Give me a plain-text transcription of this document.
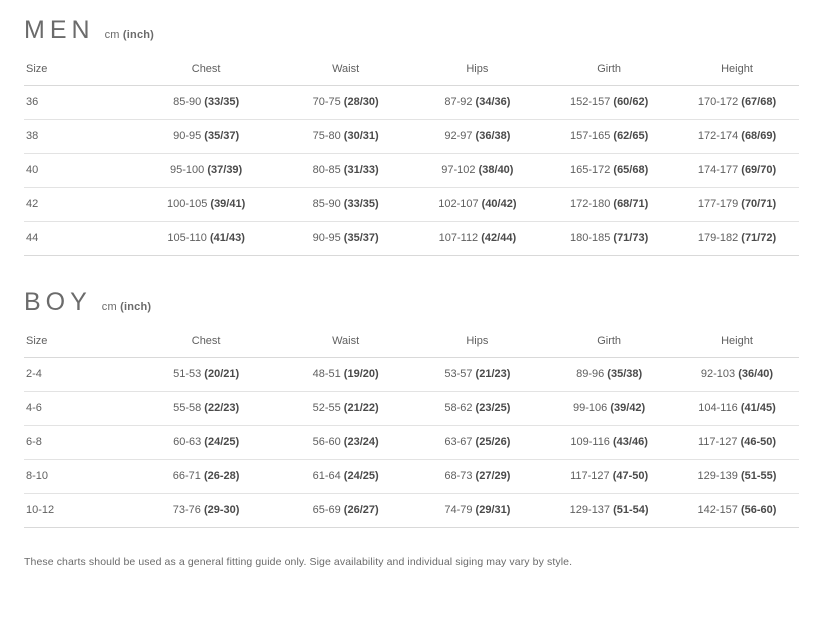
MEN cm (inch)
Size	Chest	Waist	Hips	Girth	Height
36	85-90 (33/35)	70-75 (28/30)	87-92 (34/36)	152-157 (60/62)	170-172 (67/68)
38	90-95 (35/37)	75-80 (30/31)	92-97 (36/38)	157-165 (62/65)	172-174 (68/69)
40	95-100 (37/39)	80-85 (31/33)	97-102 (38/40)	165-172 (65/68)	174-177 (69/70)
42	100-105 (39/41)	85-90 (33/35)	102-107 (40/42)	172-180 (68/71)	177-179 (70/71)
44	105-110 (41/43)	90-95 (35/37)	107-112 (42/44)	180-185 (71/73)	179-182 (71/72)
BOY cm (inch)
Size	Chest	Waist	Hips	Girth	Height
2-4	51-53 (20/21)	48-51 (19/20)	53-57 (21/23)	89-96 (35/38)	92-103 (36/40)
4-6	55-58 (22/23)	52-55 (21/22)	58-62 (23/25)	99-106 (39/42)	104-116 (41/45)
6-8	60-63 (24/25)	56-60 (23/24)	63-67 (25/26)	109-116 (43/46)	117-127 (46-50)
8-10	66-71 (26-28)	61-64 (24/25)	68-73 (27/29)	117-127 (47-50)	129-139 (51-55)
10-12	73-76 (29-30)	65-69 (26/27)	74-79 (29/31)	129-137 (51-54)	142-157 (56-60)
These charts should be used as a general fitting guide only. Sige availability and individual siging may vary by style.
